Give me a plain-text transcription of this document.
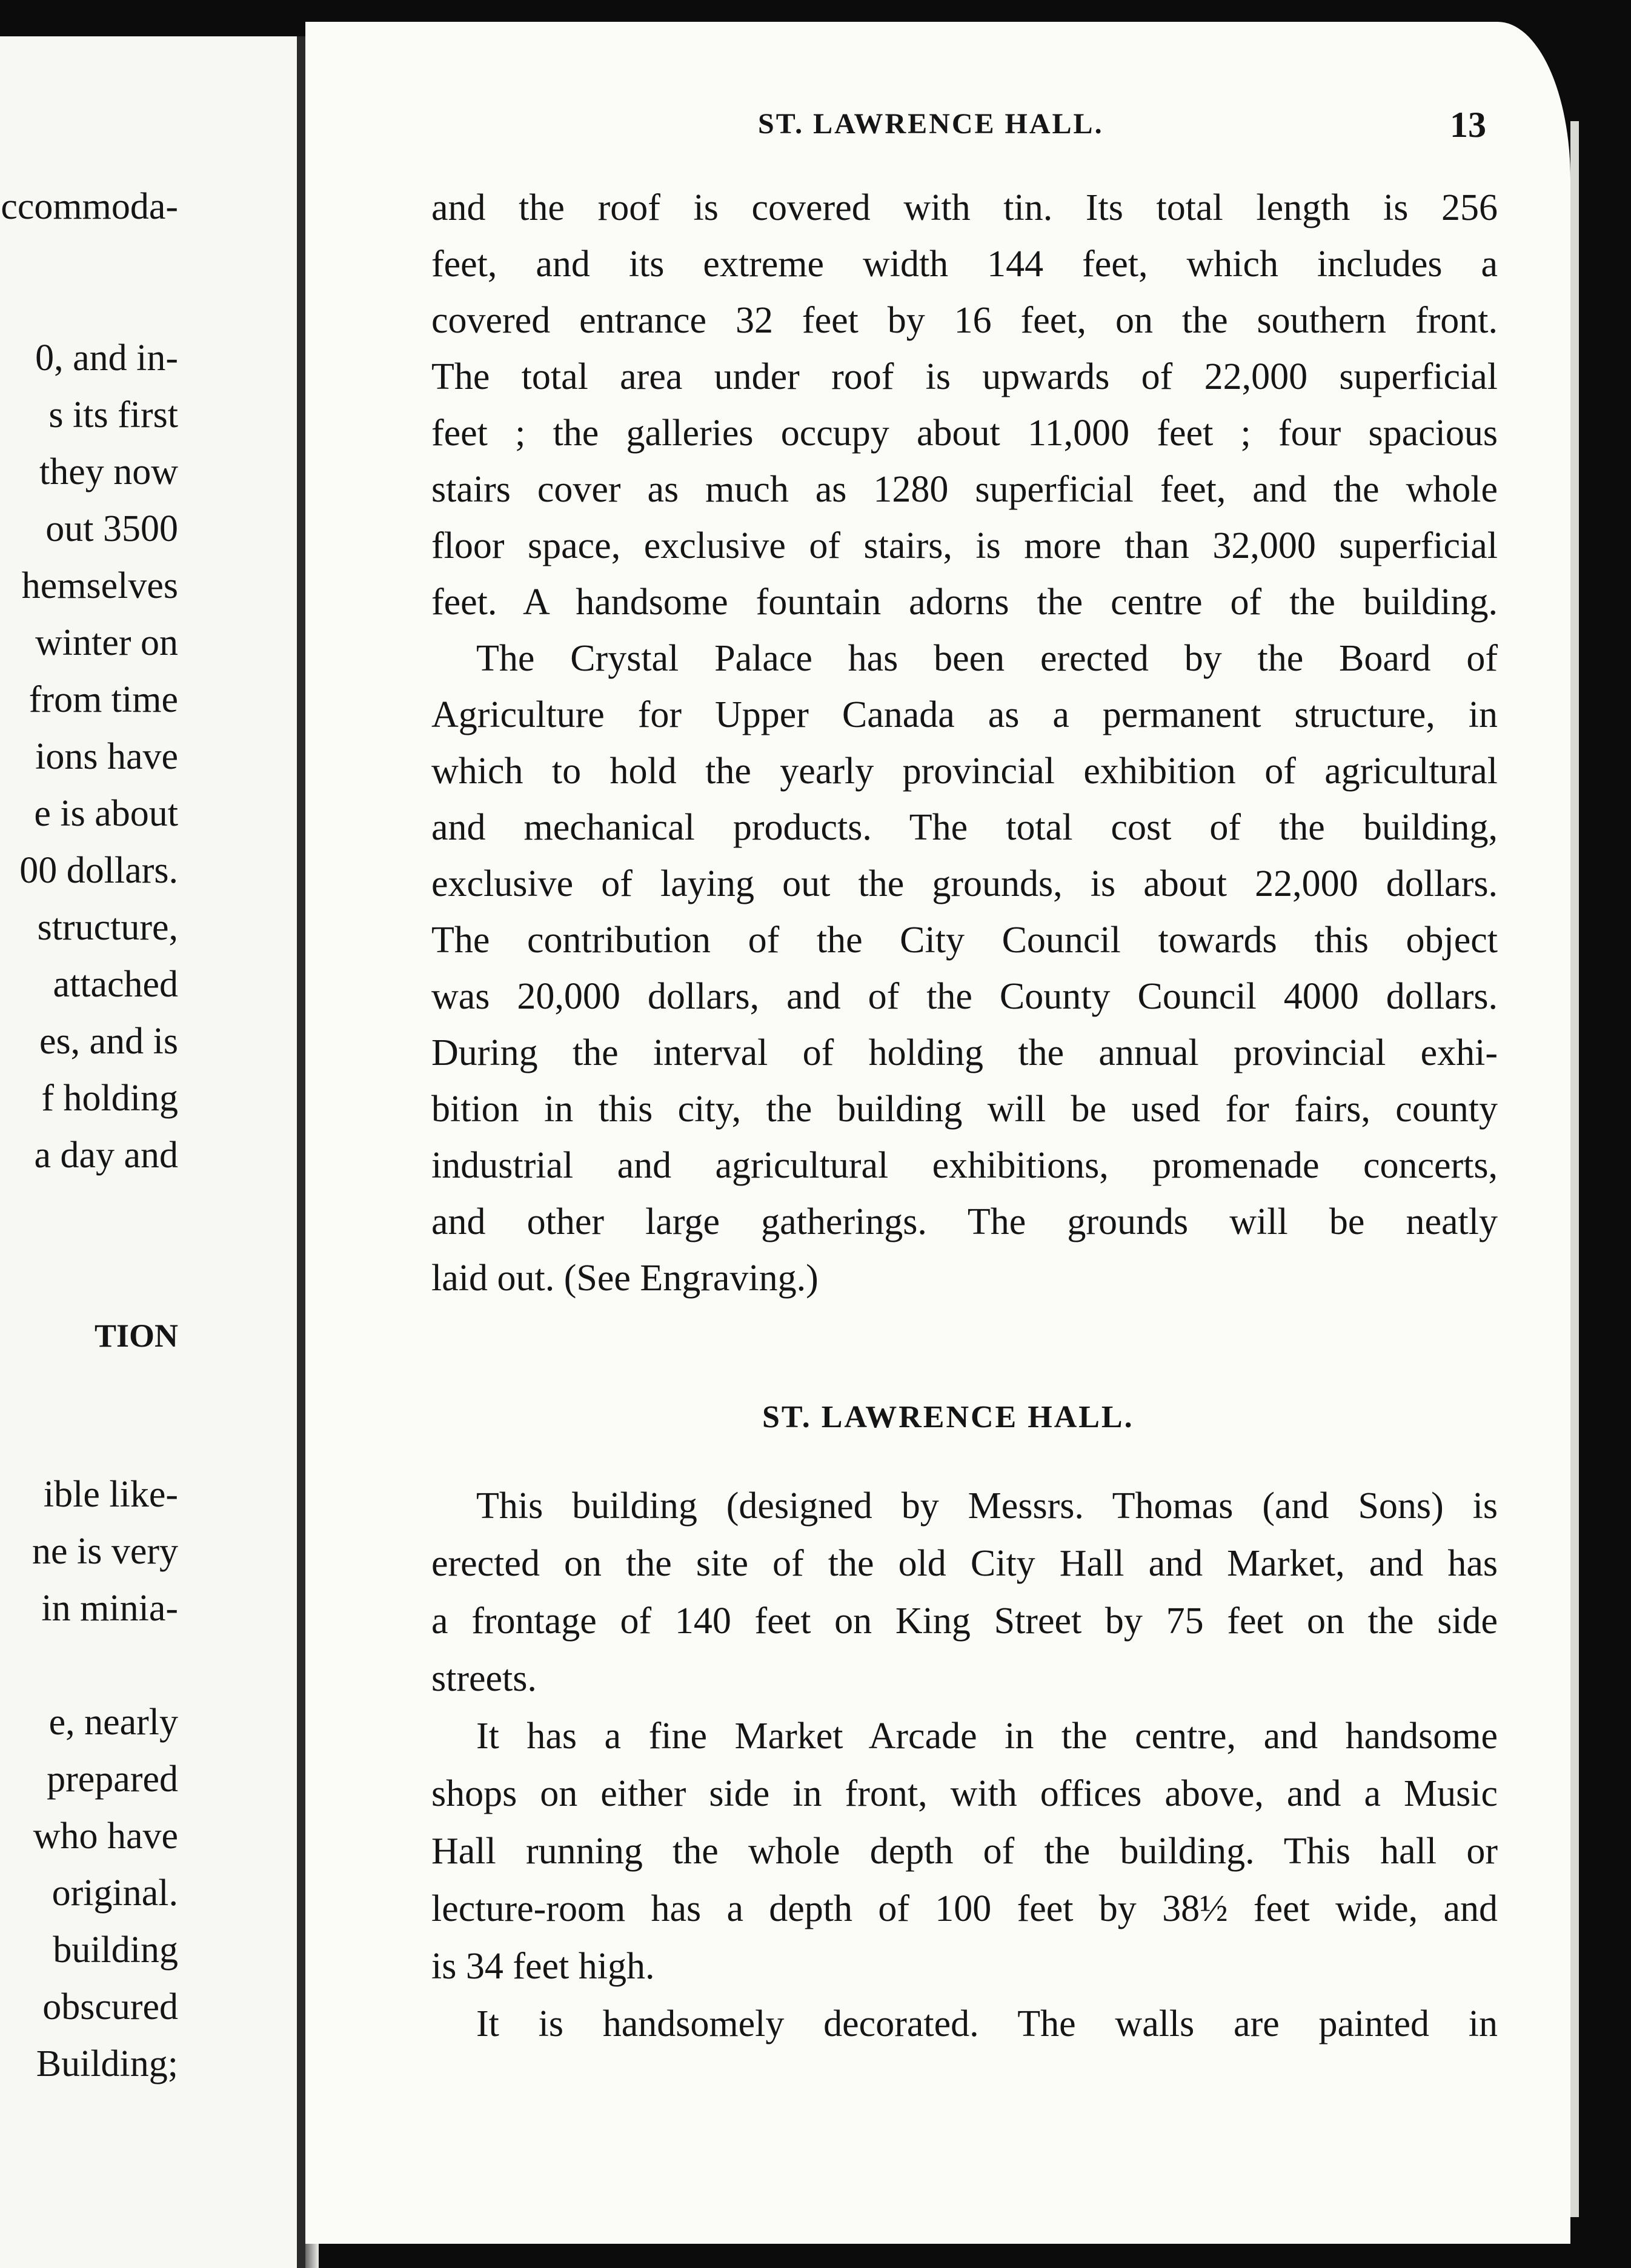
ccommoda-
0, and in-
s its first
they now
out 3500
hemselves
winter on
from time
ions have
e is about
00 dollars.
structure,
attached
es, and is
f holding
a day and
TION
ible like-
ne is very
in minia-
e, nearly
prepared
who have
original.
building
obscured
Building;
ST. LAWRENCE HALL.	13
and the roof is covered with tin. Its total length is 256
feet, and its extreme width 144 feet, which includes a
covered entrance 32 feet by 16 feet, on the southern front.
The total area under roof is upwards of 22,000 superficial
feet ; the galleries occupy about 11,000 feet ; four spacious
stairs cover as much as 1280 superficial feet, and the whole
floor space, exclusive of stairs, is more than 32,000 superficial
feet. A handsome fountain adorns the centre of the building.
The Crystal Palace has been erected by the Board of
Agriculture for Upper Canada as a permanent structure, in
which to hold the yearly provincial exhibition of agricultural
and mechanical products. The total cost of the building,
exclusive of laying out the grounds, is about 22,000 dollars.
The contribution of the City Council towards this object
was 20,000 dollars, and of the County Council 4000 dollars.
During the interval of holding the annual provincial exhi-
bition in this city, the building will be used for fairs, county
industrial and agricultural exhibitions, promenade concerts,
and other large gatherings. The grounds will be neatly
laid out. (See Engraving.)
ST. LAWRENCE HALL.
This building (designed by Messrs. Thomas (and Sons) is
erected on the site of the old City Hall and Market, and has
a frontage of 140 feet on King Street by 75 feet on the side
streets.
It has a fine Market Arcade in the centre, and handsome
shops on either side in front, with offices above, and a Music
Hall running the whole depth of the building. This hall or
lecture-room has a depth of 100 feet by 38½ feet wide, and
is 34 feet high.
It is handsomely decorated. The walls are painted in
